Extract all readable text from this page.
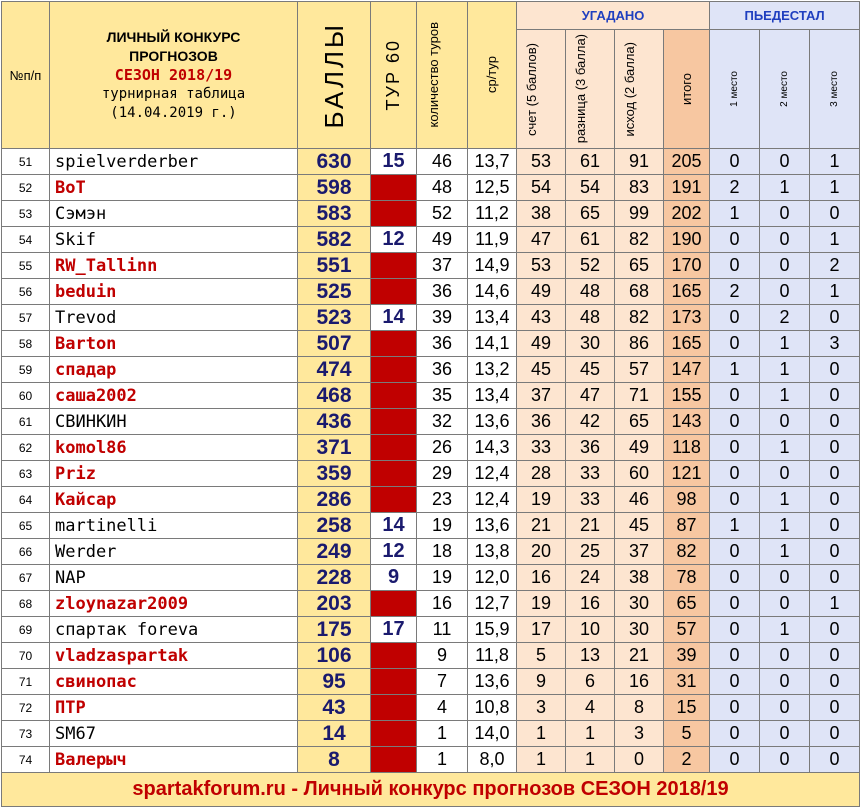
№п/п	ЛИЧНЫЙ КОНКУРС
ПРОГНОЗОВ
СЕЗОН 2018/19
турнирная таблица
(14.04.2019 г.)	БАЛЛЫ	ТУР 60	количество туров	ср/тур	УГАДАНО				ПЬЕДЕСТАЛ		

						счет (5 баллов)	разница (3 балла)	исход (2 балла)	итого	1 место	2 место	3 место

51	spielverderber	630	15	46	13,7	53	61	91	205	0	0	1
52	BoT	598		48	12,5	54	54	83	191	2	1	1
53	Сэмэн	583		52	11,2	38	65	99	202	1	0	0
54	Skif	582	12	49	11,9	47	61	82	190	0	0	1
55	RW_Tallinn	551		37	14,9	53	52	65	170	0	0	2
56	beduin	525		36	14,6	49	48	68	165	2	0	1
57	Trevod	523	14	39	13,4	43	48	82	173	0	2	0
58	Barton	507		36	14,1	49	30	86	165	0	1	3
59	спадар	474		36	13,2	45	45	57	147	1	1	0
60	саша2002	468		35	13,4	37	47	71	155	0	1	0
61	СВИНКИН	436		32	13,6	36	42	65	143	0	0	0
62	komol86	371		26	14,3	33	36	49	118	0	1	0
63	Priz	359		29	12,4	28	33	60	121	0	0	0
64	Кайсар	286		23	12,4	19	33	46	98	0	1	0
65	martinelli	258	14	19	13,6	21	21	45	87	1	1	0
66	Werder	249	12	18	13,8	20	25	37	82	0	1	0
67	NAP	228	9	19	12,0	16	24	38	78	0	0	0
68	zloynazar2009	203		16	12,7	19	16	30	65	0	0	1
69	спартак foreva	175	17	11	15,9	17	10	30	57	0	1	0
70	vladzaspartak	106		9	11,8	5	13	21	39	0	0	0
71	свинопас	95		7	13,6	9	6	16	31	0	0	0
72	ПТР	43		4	10,8	3	4	8	15	0	0	0
73	SM67	14		1	14,0	1	1	3	5	0	0	0
74	Валерыч	8		1	8,0	1	1	0	2	0	0	0
spartakforum.ru - Личный конкурс прогнозов СЕЗОН 2018/19												
